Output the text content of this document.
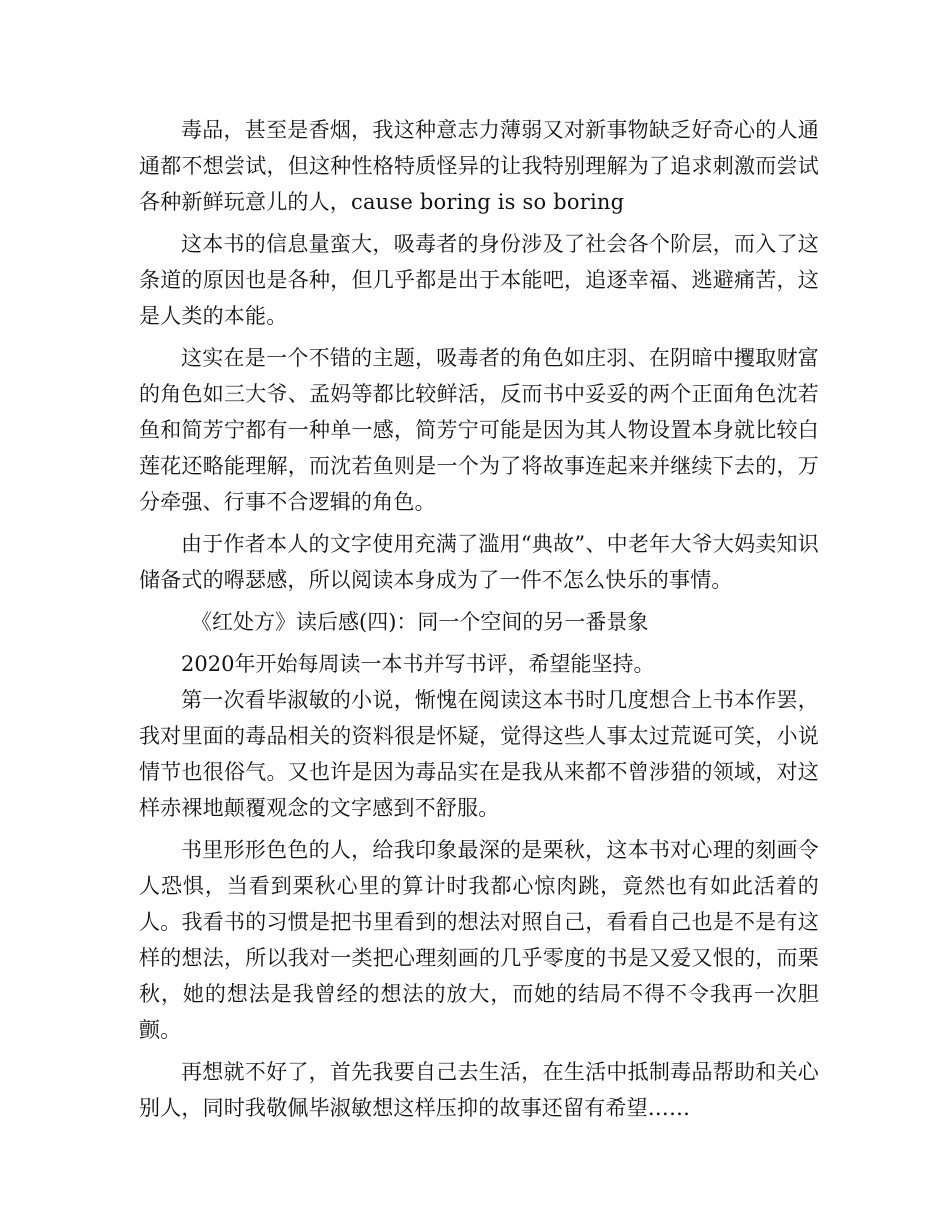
毒品，甚至是香烟，我这种意志力薄弱又对新事物缺乏好奇心的人通通都不想尝试，但这种性格特质怪异的让我特别理解为了追求刺激而尝试各种新鲜玩意儿的人，cause boring is so boring

这本书的信息量蛮大，吸毒者的身份涉及了社会各个阶层，而入了这条道的原因也是各种，但几乎都是出于本能吧，追逐幸福、逃避痛苦，这是人类的本能。

这实在是一个不错的主题，吸毒者的角色如庄羽、在阴暗中攫取财富的角色如三大爷、孟妈等都比较鲜活，反而书中妥妥的两个正面角色沈若鱼和简芳宁都有一种单一感，简芳宁可能是因为其人物设置本身就比较白莲花还略能理解，而沈若鱼则是一个为了将故事连起来并继续下去的，万分牵强、行事不合逻辑的角色。

由于作者本人的文字使用充满了滥用“典故”、中老年大爷大妈卖知识储备式的嘚瑟感，所以阅读本身成为了一件不怎么快乐的事情。

《红处方》读后感(四)：同一个空间的另一番景象

2020年开始每周读一本书并写书评，希望能坚持。

第一次看毕淑敏的小说，惭愧在阅读这本书时几度想合上书本作罢，我对里面的毒品相关的资料很是怀疑，觉得这些人事太过荒诞可笑，小说情节也很俗气。又也许是因为毒品实在是我从来都不曾涉猎的领域，对这样赤裸地颠覆观念的文字感到不舒服。

书里形形色色的人，给我印象最深的是栗秋，这本书对心理的刻画令人恐惧，当看到栗秋心里的算计时我都心惊肉跳，竟然也有如此活着的人。我看书的习惯是把书里看到的想法对照自己，看看自己也是不是有这样的想法，所以我对一类把心理刻画的几乎零度的书是又爱又恨的，而栗秋，她的想法是我曾经的想法的放大，而她的结局不得不令我再一次胆颤。

再想就不好了，首先我要自己去生活，在生活中抵制毒品帮助和关心别人，同时我敬佩毕淑敏想这样压抑的故事还留有希望……
